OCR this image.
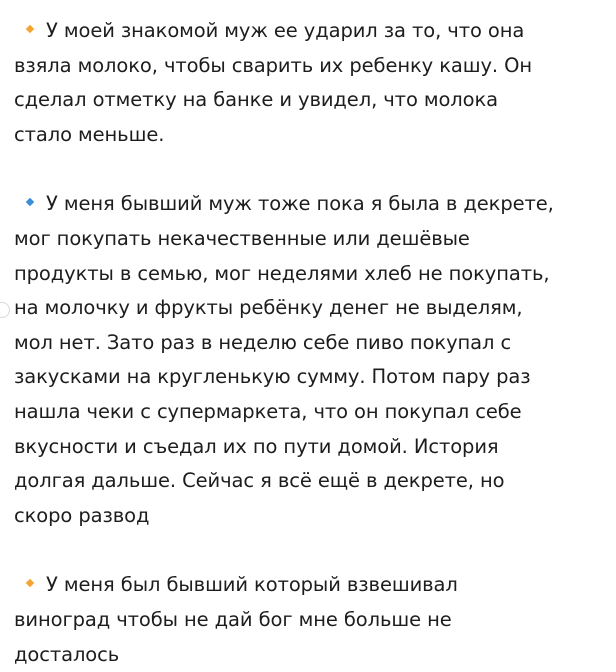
У моей знакомой муж ее ударил за то, что она
взяла молоко, чтобы сварить их ребенку кашу. Он
сделал отметку на банке и увидел, что молока
стало меньше.

У меня бывший муж тоже пока я была в декрете,
мог покупать некачественные или дешёвые
продукты в семью, мог неделями хлеб не покупать,
на молочку и фрукты ребёнку денег не выделям,
мол нет. Зато раз в неделю себе пиво покупал с
закусками на кругленькую сумму. Потом пару раз
нашла чеки с супермаркета, что он покупал себе
вкусности и съедал их по пути домой. История
долгая дальше. Сейчас я всё ещё в декрете, но
скоро развод

У меня был бывший который взвешивал
виноград чтобы не дай бог мне больше не
досталось
